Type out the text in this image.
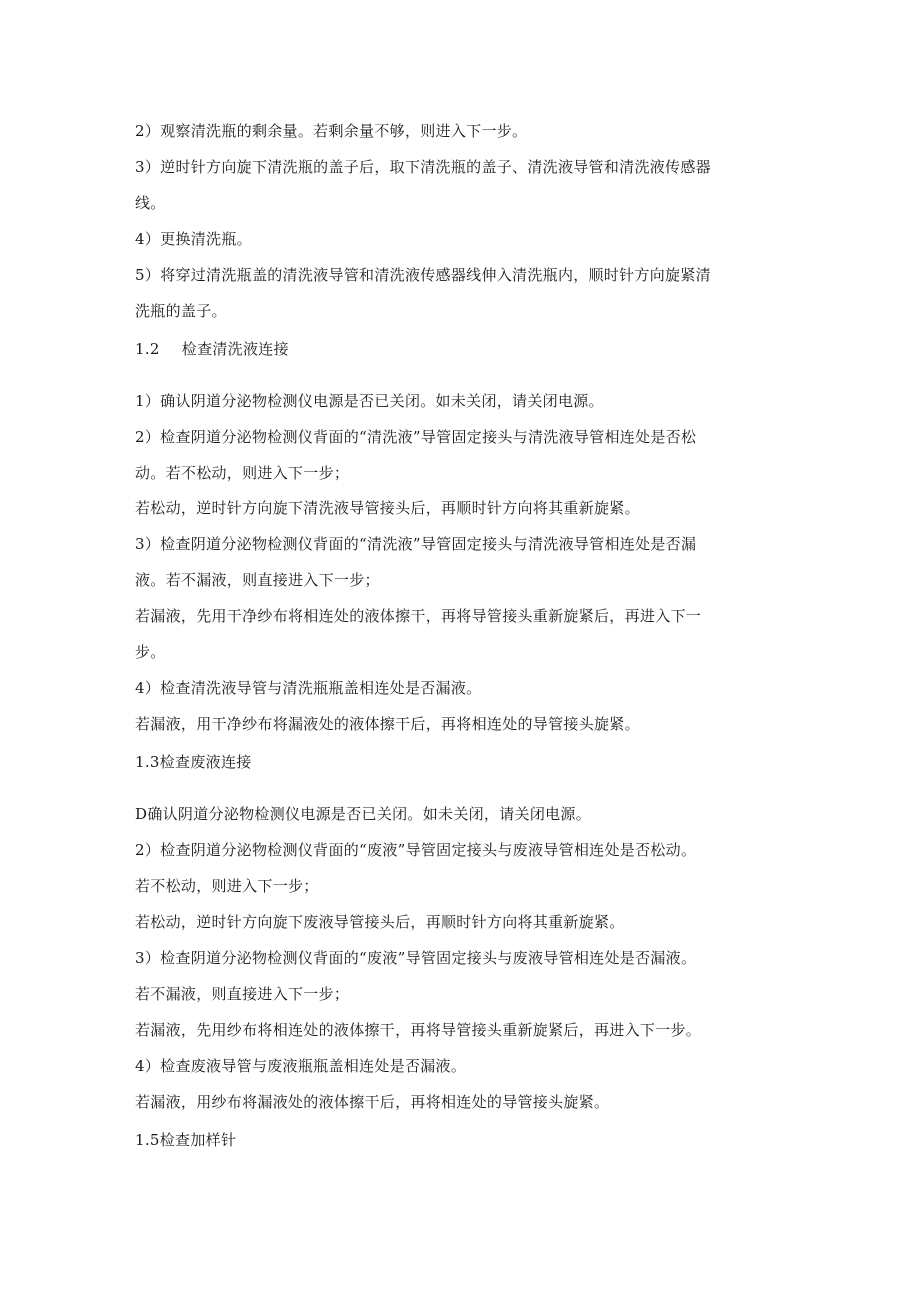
2）观察清洗瓶的剩余量。若剩余量不够，则进入下一步。
3）逆时针方向旋下清洗瓶的盖子后，取下清洗瓶的盖子、清洗液导管和清洗液传感器
线。
4）更换清洗瓶。
5）将穿过清洗瓶盖的清洗液导管和清洗液传感器线伸入清洗瓶内，顺时针方向旋紧清
洗瓶的盖子。
1.2 检查清洗液连接
1）确认阴道分泌物检测仪电源是否已关闭。如未关闭，请关闭电源。
2）检查阴道分泌物检测仪背面的“清洗液”导管固定接头与清洗液导管相连处是否松
动。若不松动，则进入下一步；
若松动，逆时针方向旋下清洗液导管接头后，再顺时针方向将其重新旋紧。
3）检查阴道分泌物检测仪背面的“清洗液”导管固定接头与清洗液导管相连处是否漏
液。若不漏液，则直接进入下一步；
若漏液，先用干净纱布将相连处的液体擦干，再将导管接头重新旋紧后，再进入下一
步。
4）检查清洗液导管与清洗瓶瓶盖相连处是否漏液。
若漏液，用干净纱布将漏液处的液体擦干后，再将相连处的导管接头旋紧。
1.3检查废液连接
D确认阴道分泌物检测仪电源是否已关闭。如未关闭，请关闭电源。
2）检查阴道分泌物检测仪背面的“废液”导管固定接头与废液导管相连处是否松动。
若不松动，则进入下一步；
若松动，逆时针方向旋下废液导管接头后，再顺时针方向将其重新旋紧。
3）检查阴道分泌物检测仪背面的“废液”导管固定接头与废液导管相连处是否漏液。
若不漏液，则直接进入下一步；
若漏液，先用纱布将相连处的液体擦干，再将导管接头重新旋紧后，再进入下一步。
4）检查废液导管与废液瓶瓶盖相连处是否漏液。
若漏液，用纱布将漏液处的液体擦干后，再将相连处的导管接头旋紧。
1.5检查加样针
